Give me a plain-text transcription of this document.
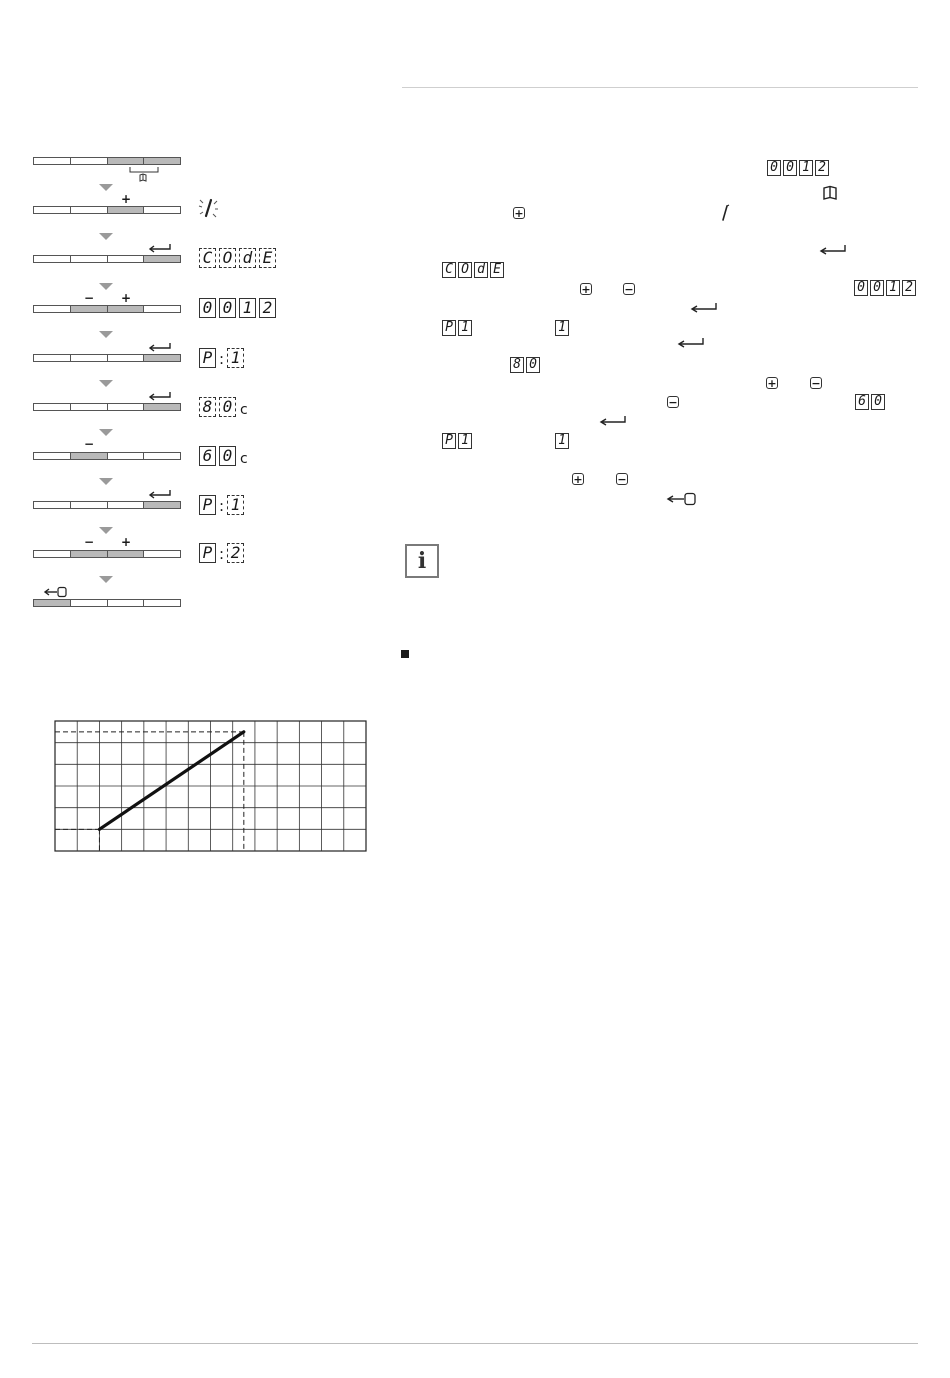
+
C O d E
− +	0 0 1 2
P : 1
8 0 c
−
6 0 c
P : 1
− +
P : 2
0 0 1 2
+
C O d E
+	−	0 0 1 2
P 1	1
8 0
+	−
−	6 0
P 1	1
+	−
i
